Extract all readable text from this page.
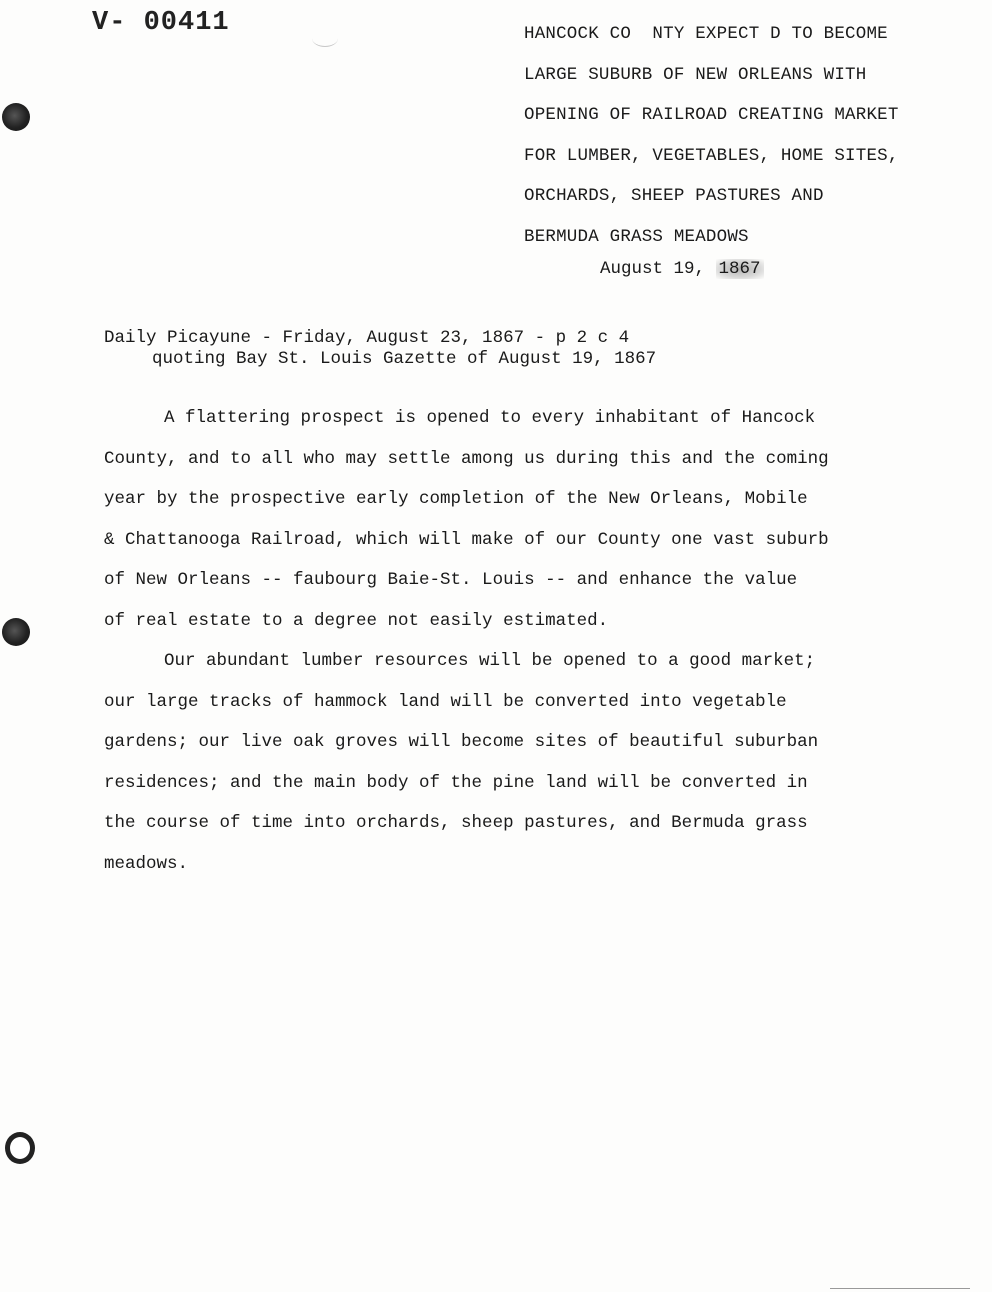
V- 00411	HANCOCK CO  NTY EXPECT D TO BECOME
LARGE SUBURB OF NEW ORLEANS WITH
OPENING OF RAILROAD CREATING MARKET
FOR LUMBER, VEGETABLES, HOME SITES,
ORCHARDS, SHEEP PASTURES AND
BERMUDA GRASS MEADOWS
August 19, 1867
Daily Picayune - Friday, August 23, 1867 - p 2 c 4
quoting Bay St. Louis Gazette of August 19, 1867
A flattering prospect is opened to every inhabitant of Hancock
County, and to all who may settle among us during this and the coming
year by the prospective early completion of the New Orleans, Mobile
& Chattanooga Railroad, which will make of our County one vast suburb
of New Orleans -- faubourg Baie-St. Louis -- and enhance the value
of real estate to a degree not easily estimated.
Our abundant lumber resources will be opened to a good market;
our large tracks of hammock land will be converted into vegetable
gardens; our live oak groves will become sites of beautiful suburban
residences; and the main body of the pine land will be converted in
the course of time into orchards, sheep pastures, and Bermuda grass
meadows.
